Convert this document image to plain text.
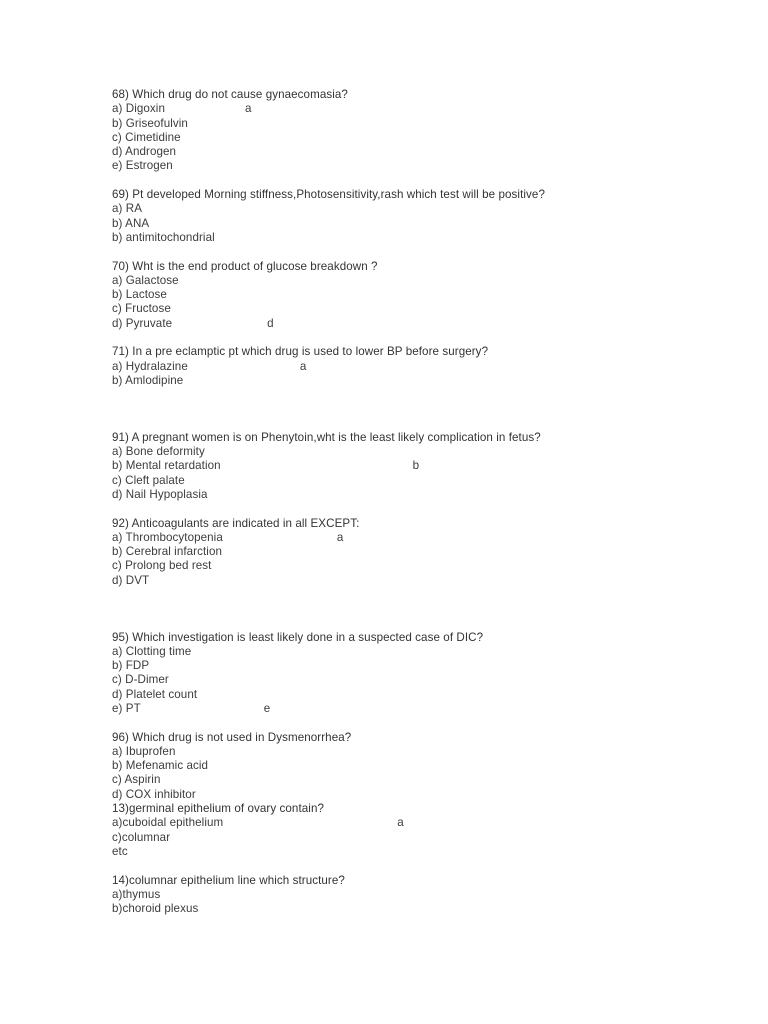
68) Which drug do not cause gynaecomasia?
a) Digoxin	a
b) Griseofulvin
c) Cimetidine
d) Androgen
e) Estrogen
69) Pt developed Morning stiffness,Photosensitivity,rash which test will be positive?
a) RA
b) ANA
b) antimitochondrial
70) Wht is the end product of glucose breakdown ?
a) Galactose
b) Lactose
c) Fructose
d) Pyruvate	d
71) In a pre eclamptic pt which drug is used to lower BP before surgery?
a) Hydralazine	a
b) Amlodipine
91) A pregnant women is on Phenytoin,wht is the least likely complication in fetus?
a) Bone deformity
b) Mental retardation	b
c) Cleft palate
d) Nail Hypoplasia
92) Anticoagulants are indicated in all EXCEPT:
a) Thrombocytopenia	a
b) Cerebral infarction
c) Prolong bed rest
d) DVT
95) Which investigation is least likely done in a suspected case of DIC?
a) Clotting time
b) FDP
c) D-Dimer
d) Platelet count
e) PT	e
96) Which drug is not used in Dysmenorrhea?
a) Ibuprofen
b) Mefenamic acid
c) Aspirin
d) COX inhibitor
13)germinal epithelium of ovary contain?
a)cuboidal epithelium	a
c)columnar
etc
14)columnar epithelium line which structure?
a)thymus
b)choroid plexus
